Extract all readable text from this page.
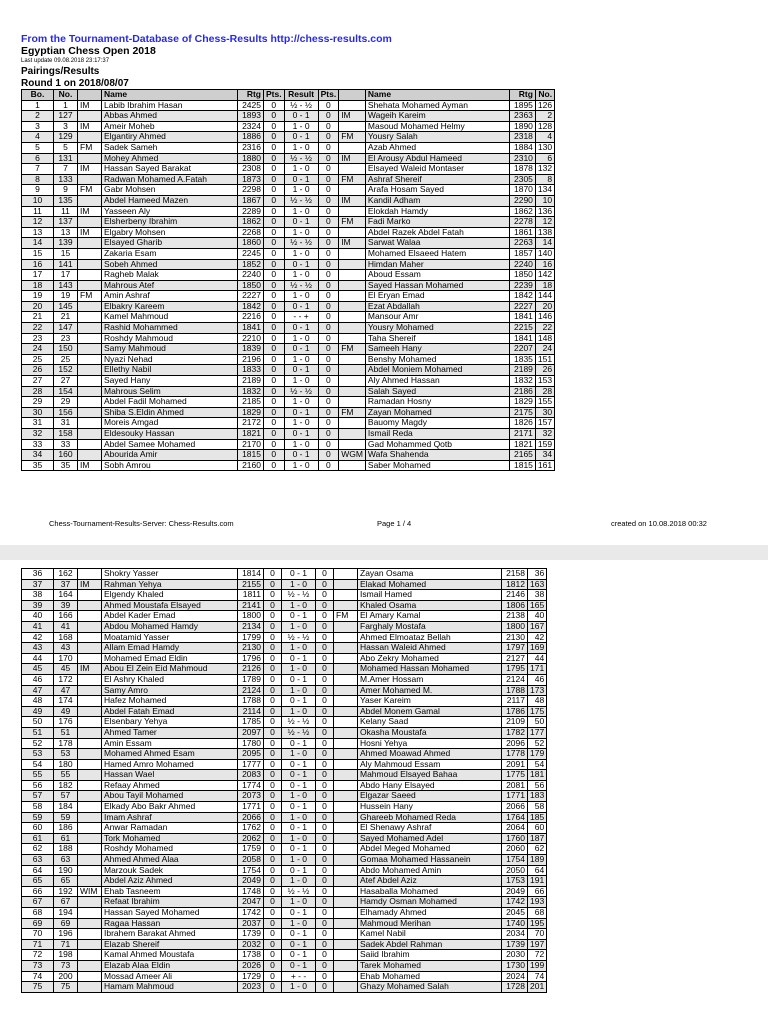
From the Tournament-Database of Chess-Results http://chess-results.com

Egyptian Chess Open 2018

Last update 09.08.2018 23:17:37

Pairings/Results

Round 1 on 2018/08/07

Bo.	No.		Name	Rtg	Pts.	Result	Pts.		Name	Rtg	No.
1	1	IM	Labib Ibrahim Hasan	2425	0	½ - ½	0		Shehata Mohamed Ayman	1895	126
2	127		Abbas Ahmed	1893	0	0 - 1	0	IM	Wageih Kareim	2363	2
3	3	IM	Ameir Moheb	2324	0	1 - 0	0		Masoud Mohamed Helmy	1890	128
4	129		Elgantiry Ahmed	1886	0	0 - 1	0	FM	Yousry Salah	2318	4
5	5	FM	Sadek Sameh	2316	0	1 - 0	0		Azab Ahmed	1884	130
6	131		Mohey Ahmed	1880	0	½ - ½	0	IM	El Arousy Abdul Hameed	2310	6
7	7	IM	Hassan Sayed Barakat	2308	0	1 - 0	0		Elsayed Waleid Montaser	1878	132
8	133		Radwan Mohamed A.Fatah	1873	0	0 - 1	0	FM	Ashraf Shereif	2305	8
9	9	FM	Gabr Mohsen	2298	0	1 - 0	0		Arafa Hosam Sayed	1870	134
10	135		Abdel Hameed Mazen	1867	0	½ - ½	0	IM	Kandil Adham	2290	10
11	11	IM	Yasseen Aly	2289	0	1 - 0	0		Elokdah Hamdy	1862	136
12	137		Elsherbeny Ibrahim	1862	0	0 - 1	0	FM	Fadi Marko	2278	12
13	13	IM	Elgabry Mohsen	2268	0	1 - 0	0		Abdel Razek Abdel Fatah	1861	138
14	139		Elsayed Gharib	1860	0	½ - ½	0	IM	Sarwat Walaa	2263	14
15	15		Zakaria Esam	2245	0	1 - 0	0		Mohamed Elsaeed Hatem	1857	140
16	141		Sobeh Ahmed	1852	0	0 - 1	0		Himdan Maher	2240	16
17	17		Ragheb Malak	2240	0	1 - 0	0		Aboud Essam	1850	142
18	143		Mahrous Atef	1850	0	½ - ½	0		Sayed Hassan Mohamed	2239	18
19	19	FM	Amin Ashraf	2227	0	1 - 0	0		El Eryan Emad	1842	144
20	145		Elbakry Kareem	1842	0	0 - 1	0		Ezat Abdallah	2227	20
21	21		Kamel Mahmoud	2216	0	- - +	0		Mansour Amr	1841	146
22	147		Rashid Mohammed	1841	0	0 - 1	0		Yousry Mohamed	2215	22
23	23		Roshdy Mahmoud	2210	0	1 - 0	0		Taha Shereif	1841	148
24	150		Samy Mahmoud	1839	0	0 - 1	0	FM	Sameeh Hany	2207	24
25	25		Nyazi Nehad	2196	0	1 - 0	0		Benshy Mohamed	1835	151
26	152		Ellethy Nabil	1833	0	0 - 1	0		Abdel Moniem Mohamed	2189	26
27	27		Sayed Hany	2189	0	1 - 0	0		Aly Ahmed Hassan	1832	153
28	154		Mahrous Selim	1832	0	½ - ½	0		Salah Sayed	2186	28
29	29		Abdel Fadil Mohamed	2185	0	1 - 0	0		Ramadan Hosny	1829	155
30	156		Shiba S.Eldin Ahmed	1829	0	0 - 1	0	FM	Zayan Mohamed	2175	30
31	31		Moreis Amgad	2172	0	1 - 0	0		Bauomy Magdy	1826	157
32	158		Eldesouky Hassan	1821	0	0 - 1	0		Ismail Reda	2171	32
33	33		Abdel Samee Mohamed	2170	0	1 - 0	0		Gad Mohammed Qotb	1821	159
34	160		Abourida Amir	1815	0	0 - 1	0	WGM	Wafa Shahenda	2165	34
35	35	IM	Sobh Amrou	2160	0	1 - 0	0		Saber Mohamed	1815	161
Chess-Tournament-Results-Server: Chess-Results.com	Page 1 / 4	created on 10.08.2018 00:32
36	162		Shokry Yasser	1814	0	0 - 1	0		Zayan Osama	2158	36
37	37	IM	Rahman Yehya	2155	0	1 - 0	0		Elakad Mohamed	1812	163
38	164		Elgendy Khaled	1811	0	½ - ½	0		Ismail Hamed	2146	38
39	39		Ahmed Moustafa Elsayed	2141	0	1 - 0	0		Khaled Osama	1806	165
40	166		Abdel Kader Emad	1800	0	0 - 1	0	FM	El Amary Kamal	2138	40
41	41		Abdou Mohamed Hamdy	2134	0	1 - 0	0		Farghaly Mostafa	1800	167
42	168		Moatamid Yasser	1799	0	½ - ½	0		Ahmed Elmoataz Bellah	2130	42
43	43		Allam Emad Hamdy	2130	0	1 - 0	0		Hassan Waleid Ahmed	1797	169
44	170		Mohamed Emad Eldin	1796	0	0 - 1	0		Abo Zekry Mohamed	2127	44
45	45	IM	Abou El Zein Eid Mahmoud	2126	0	1 - 0	0		Mohamed Hassan Mohamed	1795	171
46	172		El Ashry Khaled	1789	0	0 - 1	0		M.Amer Hossam	2124	46
47	47		Samy Amro	2124	0	1 - 0	0		Amer Mohamed M.	1788	173
48	174		Hafez Mohamed	1788	0	0 - 1	0		Yaser Kareim	2117	48
49	49		Abdel Fatah Emad	2114	0	1 - 0	0		Abdel Monem Gamal	1786	175
50	176		Elsenbary Yehya	1785	0	½ - ½	0		Kelany Saad	2109	50
51	51		Ahmed Tamer	2097	0	½ - ½	0		Okasha Moustafa	1782	177
52	178		Amin Essam	1780	0	0 - 1	0		Hosni Yehya	2096	52
53	53		Mohamed Ahmed Esam	2095	0	1 - 0	0		Ahmed Moawad Ahmed	1778	179
54	180		Hamed Amro Mohamed	1777	0	0 - 1	0		Aly Mahmoud Essam	2091	54
55	55		Hassan Wael	2083	0	0 - 1	0		Mahmoud Elsayed Bahaa	1775	181
56	182		Refaay Ahmed	1774	0	0 - 1	0		Abdo Hany Elsayed	2081	56
57	57		Abou Tayil Mohamed	2073	0	1 - 0	0		Elgazar Saeed	1771	183
58	184		Elkady Abo Bakr Ahmed	1771	0	0 - 1	0		Hussein Hany	2066	58
59	59		Imam Ashraf	2066	0	1 - 0	0		Ghareeb Mohamed Reda	1764	185
60	186		Anwar Ramadan	1762	0	0 - 1	0		El Shenawy Ashraf	2064	60
61	61		Tork Mohamed	2062	0	1 - 0	0		Sayed Mohamed Adel	1760	187
62	188		Roshdy Mohamed	1759	0	0 - 1	0		Abdel Meged Mohamed	2060	62
63	63		Ahmed Ahmed Alaa	2058	0	1 - 0	0		Gomaa Mohamed Hassanein	1754	189
64	190		Marzouk Sadek	1754	0	0 - 1	0		Abdo Mohamed Amin	2050	64
65	65		Abdel Aziz Ahmed	2049	0	1 - 0	0		Atef Abdel Aziz	1753	191
66	192	WIM	Ehab Tasneem	1748	0	½ - ½	0		Hasaballa Mohamed	2049	66
67	67		Refaat Ibrahim	2047	0	1 - 0	0		Hamdy Osman Mohamed	1742	193
68	194		Hassan Sayed Mohamed	1742	0	0 - 1	0		Elhamady Ahmed	2045	68
69	69		Ragaa Hassan	2037	0	1 - 0	0		Mahmoud Merihan	1740	195
70	196		Ibrahem Barakat Ahmed	1739	0	0 - 1	0		Kamel Nabil	2034	70
71	71		Elazab Shereif	2032	0	0 - 1	0		Sadek Abdel Rahman	1739	197
72	198		Kamal Ahmed Moustafa	1738	0	0 - 1	0		Saiid Ibrahim	2030	72
73	73		Elazab Alaa Eldin	2026	0	0 - 1	0		Tarek Mohamed	1730	199
74	200		Mossad Ameer Ali	1729	0	+ - -	0		Ehab Mohamed	2024	74
75	75		Hamam Mahmoud	2023	0	1 - 0	0		Ghazy Mohamed Salah	1728	201
